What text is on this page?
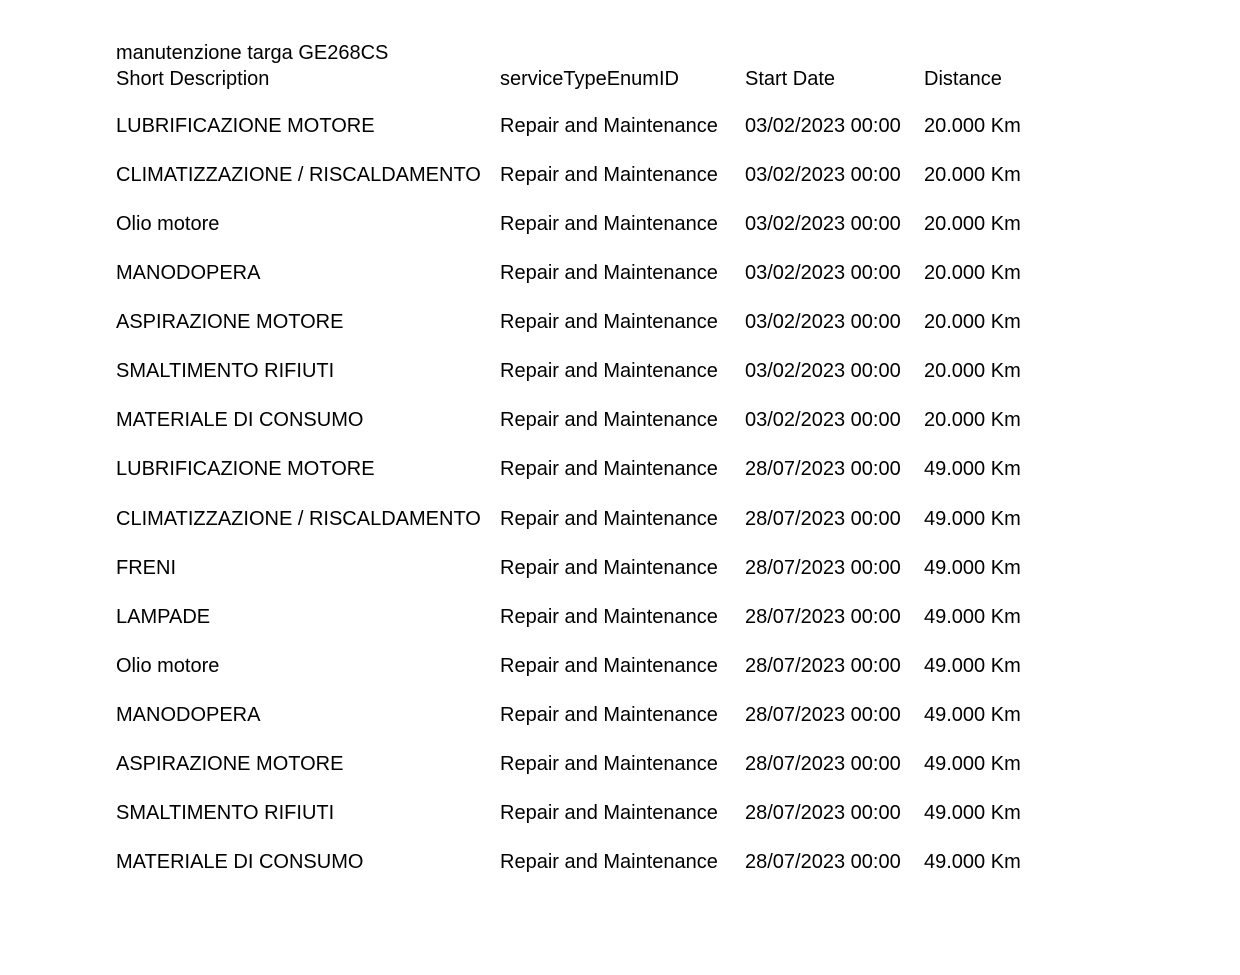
manutenzione targa GE268CS
Short Description	serviceTypeEnumID	Start Date	Distance
LUBRIFICAZIONE MOTORE	Repair and Maintenance	03/02/2023 00:00	20.000 Km
CLIMATIZZAZIONE / RISCALDAMENTO Repair and Maintenance	03/02/2023 00:00	20.000 Km
Olio motore	Repair and Maintenance	03/02/2023 00:00	20.000 Km
MANODOPERA	Repair and Maintenance	03/02/2023 00:00	20.000 Km
ASPIRAZIONE MOTORE	Repair and Maintenance	03/02/2023 00:00	20.000 Km
SMALTIMENTO RIFIUTI	Repair and Maintenance	03/02/2023 00:00	20.000 Km
MATERIALE DI CONSUMO	Repair and Maintenance	03/02/2023 00:00	20.000 Km
LUBRIFICAZIONE MOTORE	Repair and Maintenance	28/07/2023 00:00	49.000 Km
CLIMATIZZAZIONE / RISCALDAMENTO Repair and Maintenance	28/07/2023 00:00	49.000 Km
FRENI	Repair and Maintenance	28/07/2023 00:00	49.000 Km
LAMPADE	Repair and Maintenance	28/07/2023 00:00	49.000 Km
Olio motore	Repair and Maintenance	28/07/2023 00:00	49.000 Km
MANODOPERA	Repair and Maintenance	28/07/2023 00:00	49.000 Km
ASPIRAZIONE MOTORE	Repair and Maintenance	28/07/2023 00:00	49.000 Km
SMALTIMENTO RIFIUTI	Repair and Maintenance	28/07/2023 00:00	49.000 Km
MATERIALE DI CONSUMO	Repair and Maintenance	28/07/2023 00:00	49.000 Km
